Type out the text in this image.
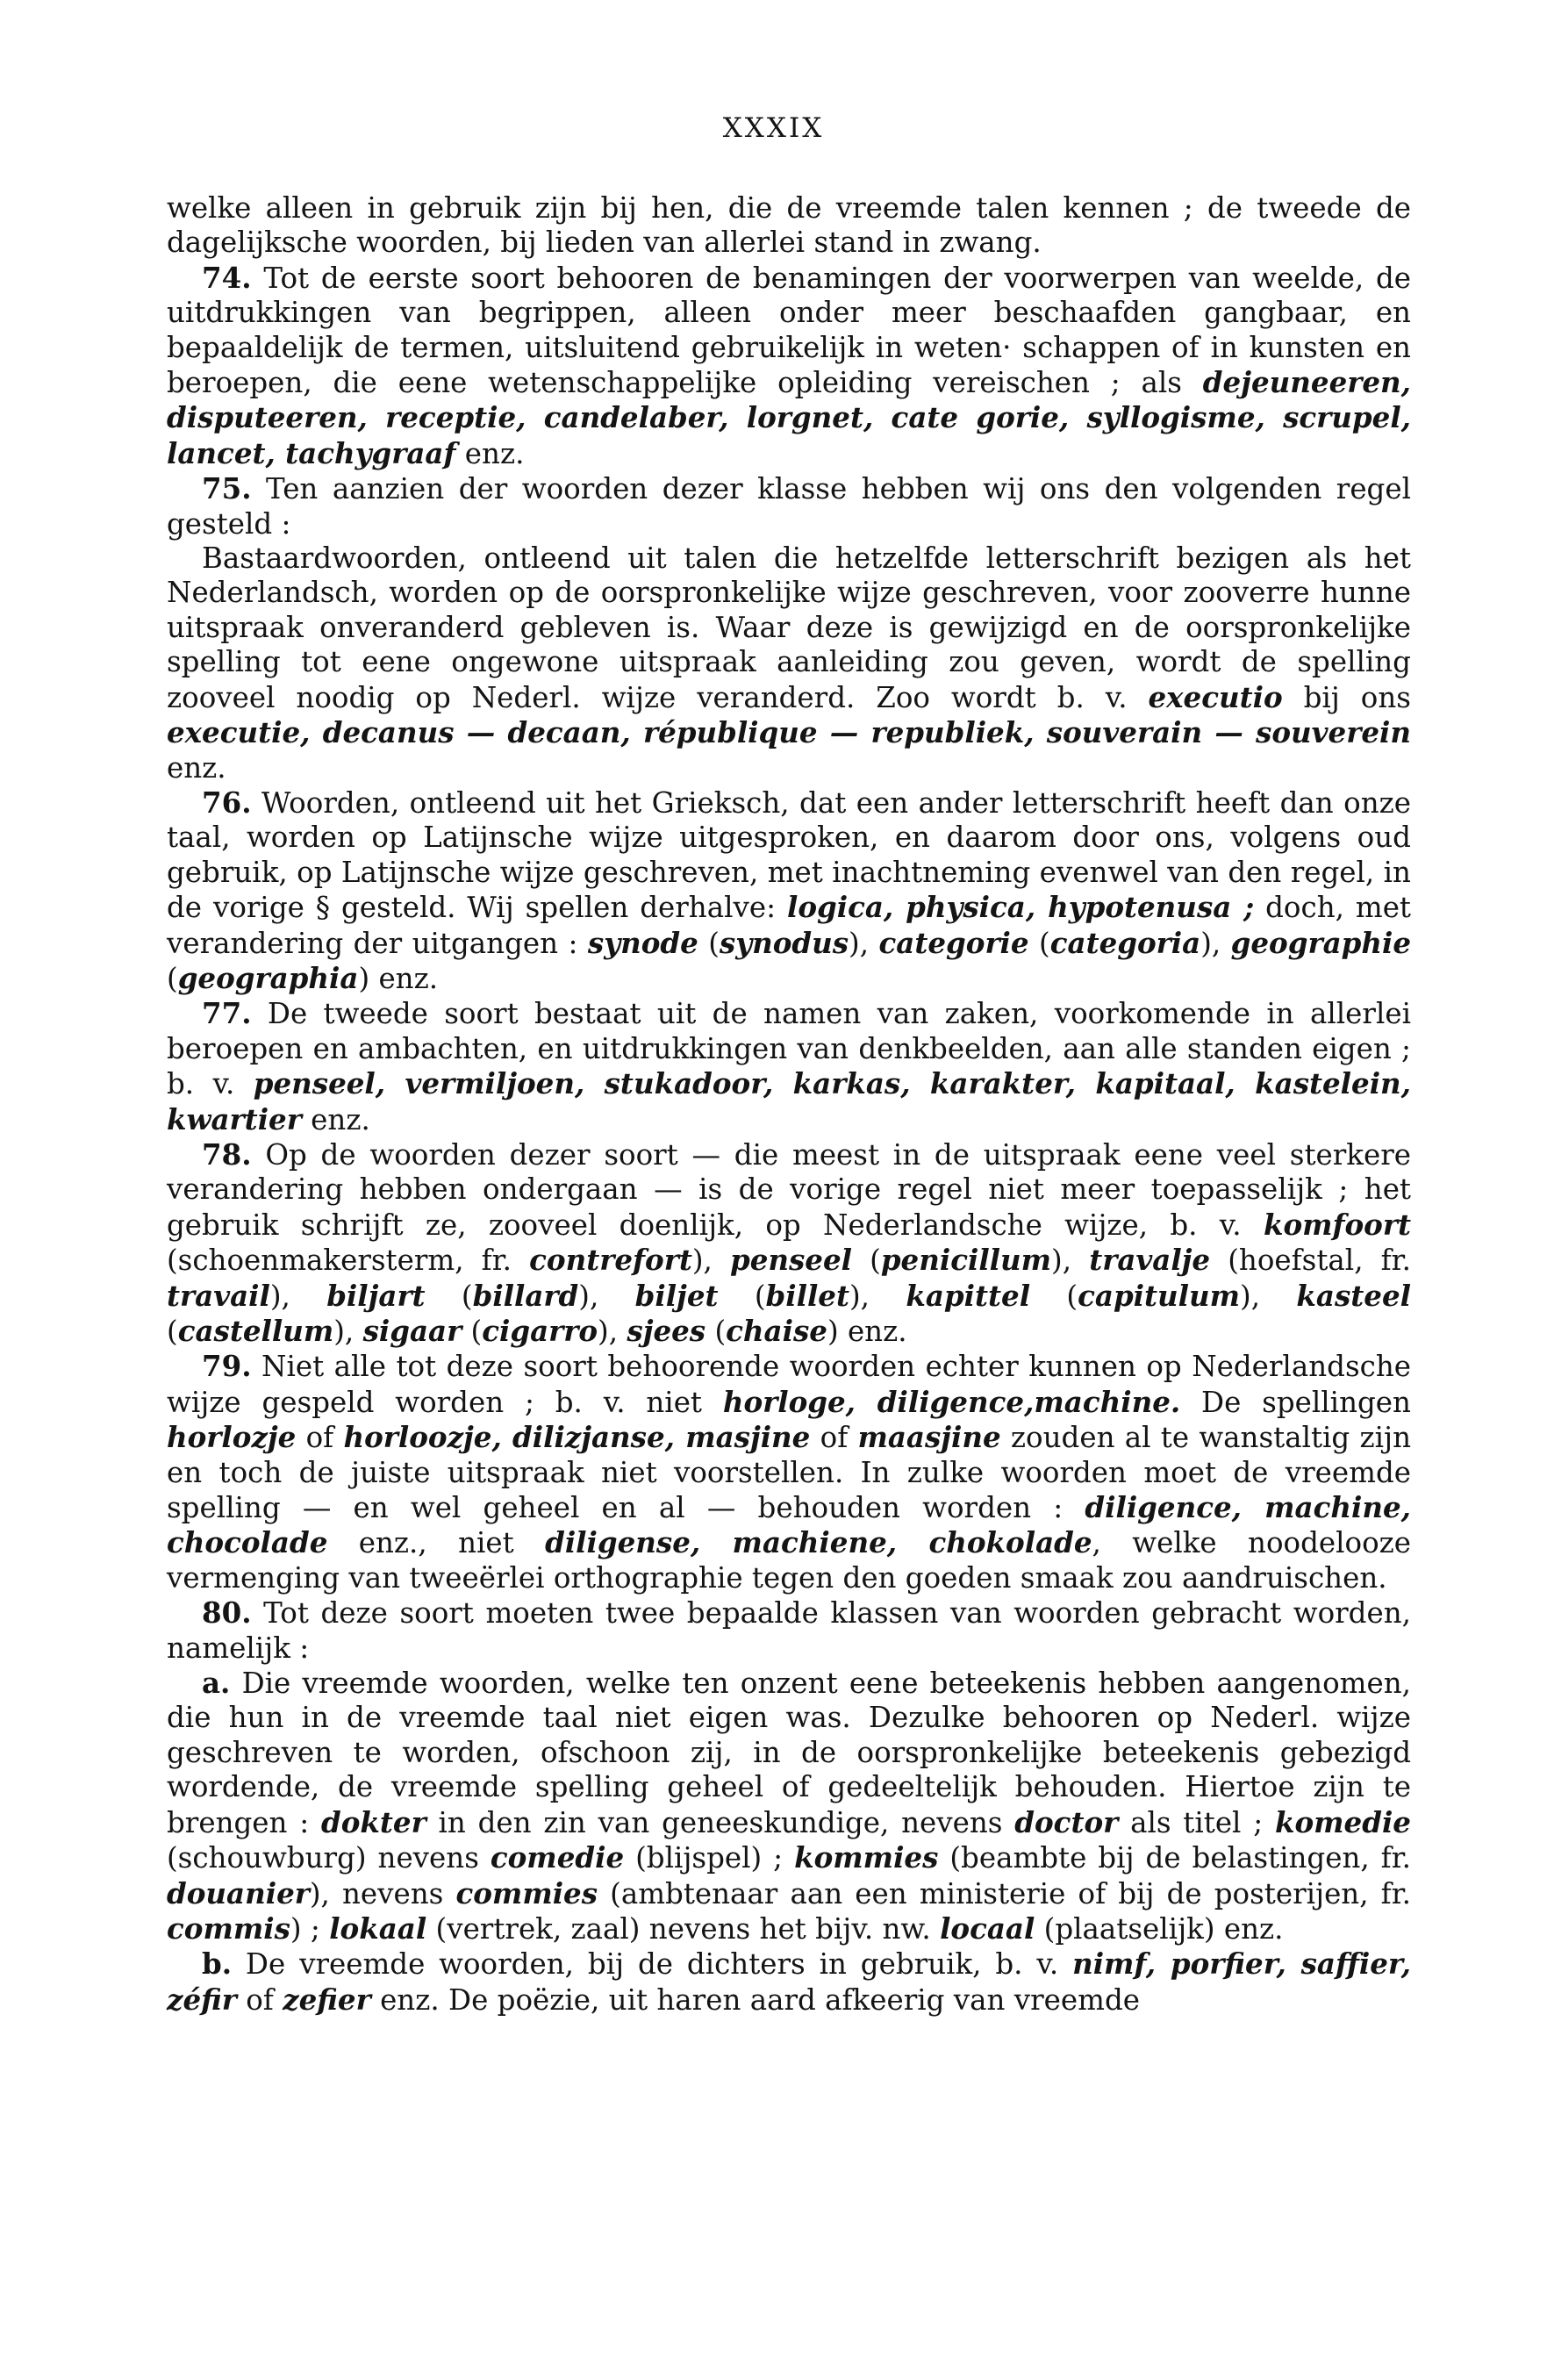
XXXIX

welke alleen in gebruik zijn bij hen, die de vreemde talen kennen ; de tweede de dagelijksche woorden, bij lieden van allerlei stand in zwang.

74. Tot de eerste soort behooren de benamingen der voorwerpen van weelde, de uitdrukkingen van begrippen, alleen onder meer beschaafden gangbaar, en bepaaldelijk de termen, uitsluitend gebruikelijk in weten· schappen of in kunsten en beroepen, die eene wetenschappelijke opleiding vereischen ; als dejeuneeren, disputeeren, receptie, candelaber, lorgnet, cate gorie, syllogisme, scrupel, lancet, tachygraaf enz.

75. Ten aanzien der woorden dezer klasse hebben wij ons den volgenden regel gesteld :

Bastaardwoorden, ontleend uit talen die hetzelfde letterschrift bezigen als het Nederlandsch, worden op de oorspronkelijke wijze geschreven, voor zooverre hunne uitspraak onveranderd gebleven is. Waar deze is gewijzigd en de oorspronkelijke spelling tot eene ongewone uitspraak aanleiding zou geven, wordt de spelling zooveel noodig op Nederl. wijze veranderd. Zoo wordt b. v. executio bij ons executie, decanus — decaan, république — republiek, souverain — souverein enz.

76. Woorden, ontleend uit het Grieksch, dat een ander letterschrift heeft dan onze taal, worden op Latijnsche wijze uitgesproken, en daarom door ons, volgens oud gebruik, op Latijnsche wijze geschreven, met inachtneming evenwel van den regel, in de vorige § gesteld. Wij spellen derhalve: logica, physica, hypotenusa ; doch, met verandering der uitgangen : synode (synodus), categorie (categoria), geographie (geographia) enz.

77. De tweede soort bestaat uit de namen van zaken, voorkomende in allerlei beroepen en ambachten, en uitdrukkingen van denkbeelden, aan alle standen eigen ; b. v. penseel, vermiljoen, stukadoor, karkas, karakter, kapitaal, kastelein, kwartier enz.

78. Op de woorden dezer soort — die meest in de uitspraak eene veel sterkere verandering hebben ondergaan — is de vorige regel niet meer toepasselijk ; het gebruik schrijft ze, zooveel doenlijk, op Nederlandsche wijze, b. v. komfoort (schoenmakersterm, fr. contrefort), penseel (penicillum), travalje (hoefstal, fr. travail), biljart (billard), biljet (billet), kapittel (capitulum), kasteel (castellum), sigaar (cigarro), sjees (chaise) enz.

79. Niet alle tot deze soort behoorende woorden echter kunnen op Nederlandsche wijze gespeld worden ; b. v. niet horloge, diligence,machine. De spellingen horlozje of horloozje, dilizjanse, masjine of maasjine zouden al te wanstaltig zijn en toch de juiste uitspraak niet voorstellen. In zulke woorden moet de vreemde spelling — en wel geheel en al — behouden worden : diligence, machine, chocolade enz., niet diligense, machiene, chokolade, welke noodelooze vermenging van tweeërlei orthographie tegen den goeden smaak zou aandruischen.

80. Tot deze soort moeten twee bepaalde klassen van woorden gebracht worden, namelijk :

a. Die vreemde woorden, welke ten onzent eene beteekenis hebben aangenomen, die hun in de vreemde taal niet eigen was. Dezulke behooren op Nederl. wijze geschreven te worden, ofschoon zij, in de oorspronkelijke beteekenis gebezigd wordende, de vreemde spelling geheel of gedeeltelijk behouden. Hiertoe zijn te brengen : dokter in den zin van geneeskundige, nevens doctor als titel ; komedie (schouwburg) nevens comedie (blijspel) ; kommies (beambte bij de belastingen, fr. douanier), nevens commies (ambtenaar aan een ministerie of bij de posterijen, fr. commis) ; lokaal (vertrek, zaal) nevens het bijv. nw. locaal (plaatselijk) enz.

b. De vreemde woorden, bij de dichters in gebruik, b. v. nimf, porfier, saffier, zéfir of zefier enz. De poëzie, uit haren aard afkeerig van vreemde
